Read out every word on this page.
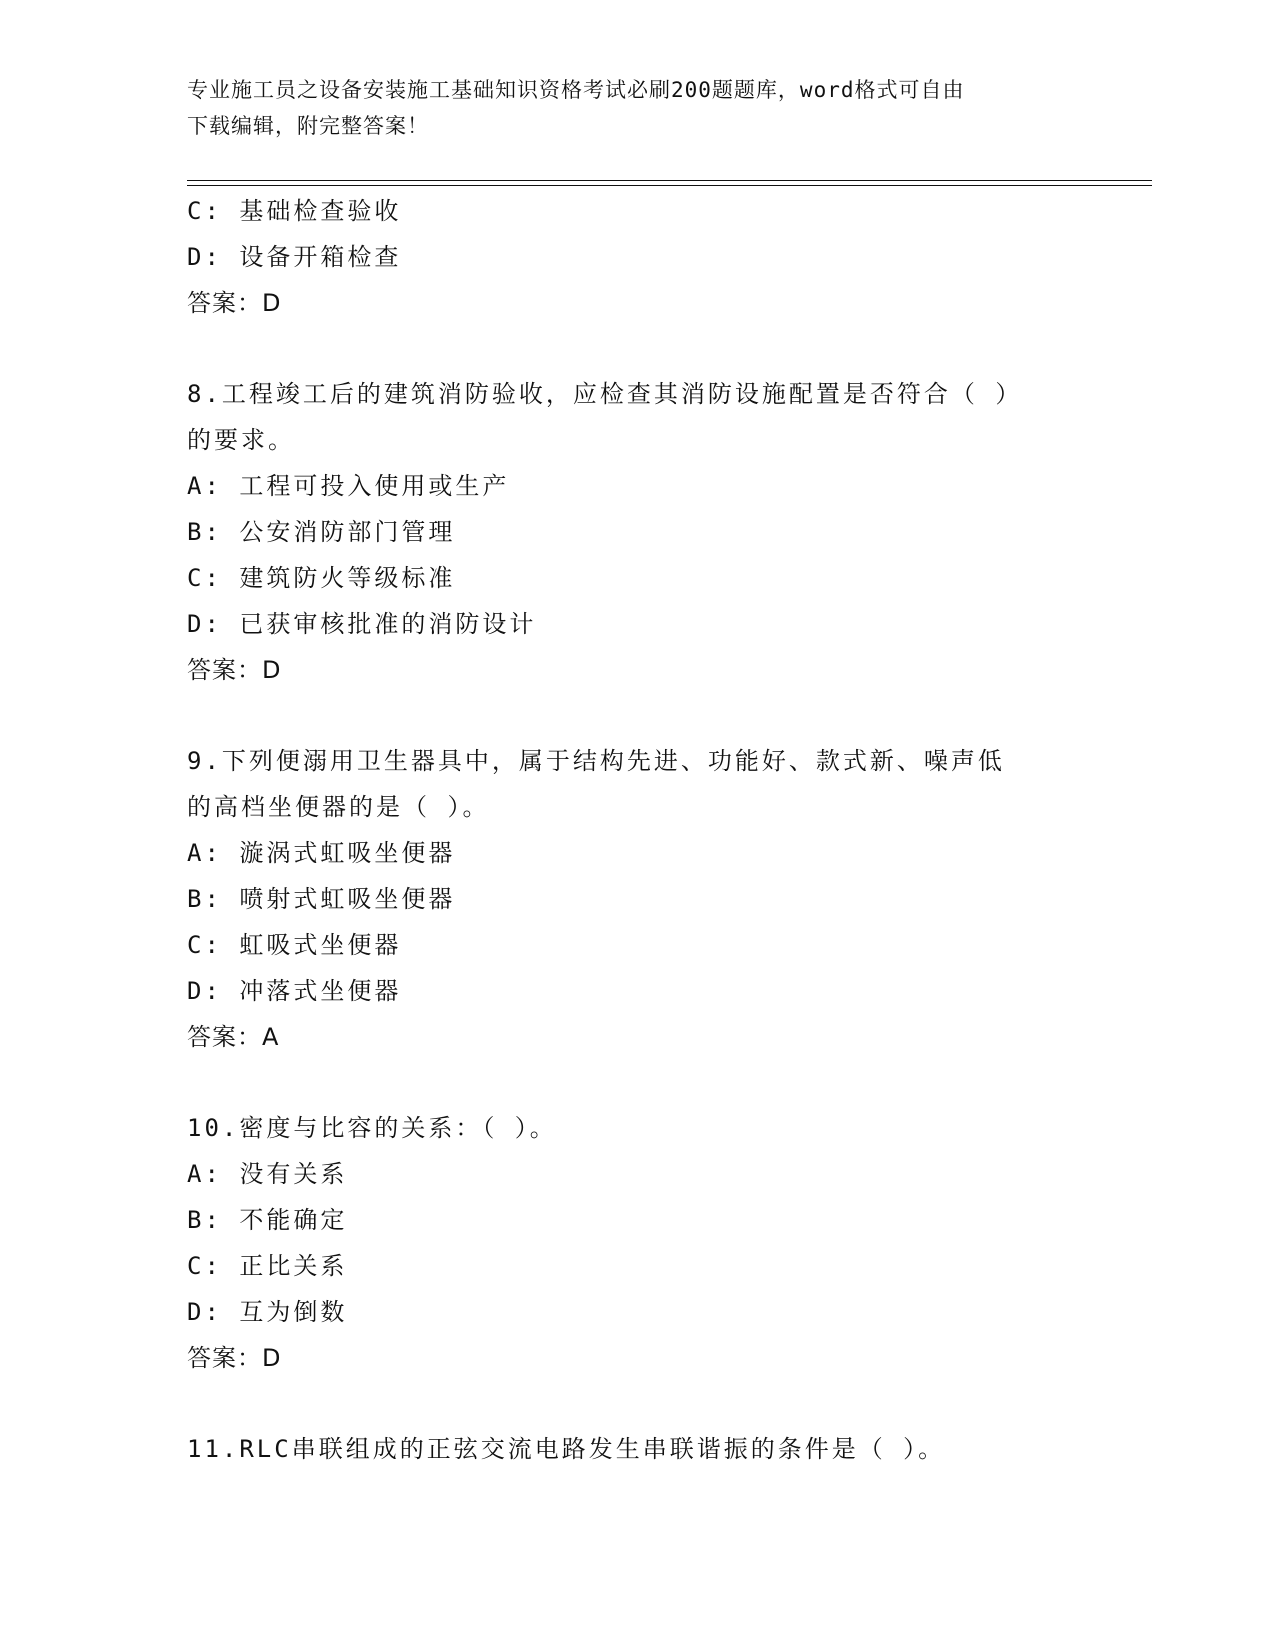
专业施工员之设备安装施工基础知识资格考试必刷200题题库，word格式可自由
下载编辑，附完整答案！
C: 基础检查验收
D: 设备开箱检查
答案：D
8.工程竣工后的建筑消防验收，应检查其消防设施配置是否符合（ ）
的要求。
A: 工程可投入使用或生产
B: 公安消防部门管理
C: 建筑防火等级标准
D: 已获审核批准的消防设计
答案：D
9.下列便溺用卫生器具中，属于结构先进、功能好、款式新、噪声低
的高档坐便器的是（ ）。
A: 漩涡式虹吸坐便器
B: 喷射式虹吸坐便器
C: 虹吸式坐便器
D: 冲落式坐便器
答案：A
10.密度与比容的关系：（ ）。
A: 没有关系
B: 不能确定
C: 正比关系
D: 互为倒数
答案：D
11.RLC串联组成的正弦交流电路发生串联谐振的条件是（ ）。
